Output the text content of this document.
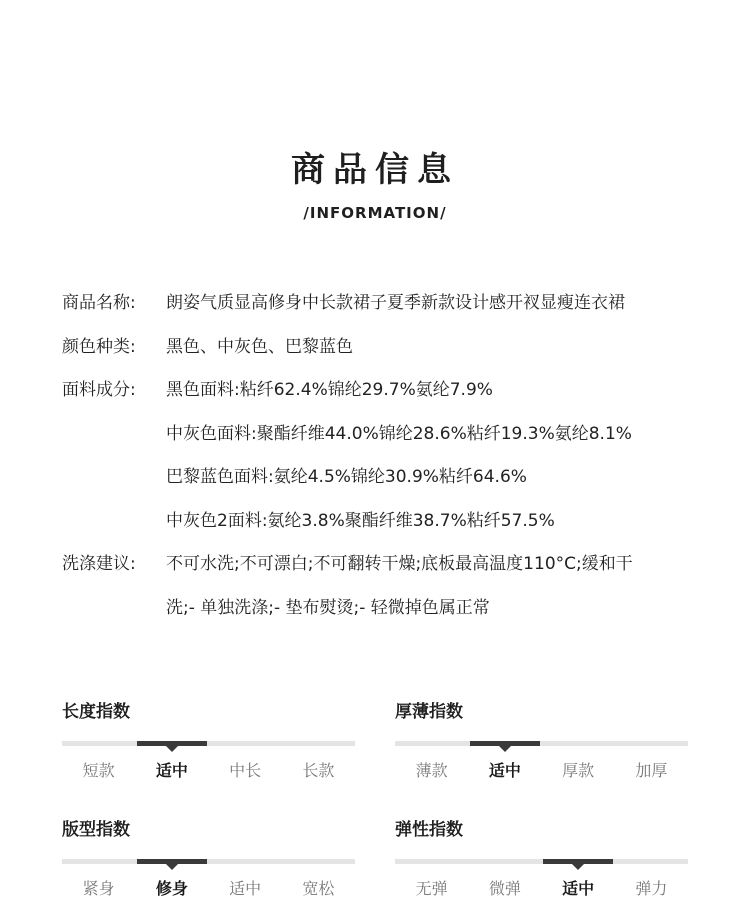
商品信息
/INFORMATION/
商品名称:	朗姿气质显高修身中长款裙子夏季新款设计感开衩显瘦连衣裙
颜色种类:	黑色、中灰色、巴黎蓝色
面料成分:	黑色面料:粘纤62.4%锦纶29.7%氨纶7.9%
中灰色面料:聚酯纤维44.0%锦纶28.6%粘纤19.3%氨纶8.1%
巴黎蓝色面料:氨纶4.5%锦纶30.9%粘纤64.6%
中灰色2面料:氨纶3.8%聚酯纤维38.7%粘纤57.5%
洗涤建议:	不可水洗;不可漂白;不可翻转干燥;底板最高温度110°C;缓和干
洗;- 单独洗涤;- 垫布熨烫;- 轻微掉色属正常
长度指数
短款	适中	中长	长款
厚薄指数
薄款	适中	厚款	加厚
版型指数
紧身	修身	适中	宽松
弹性指数
无弹	微弹	适中	弹力
